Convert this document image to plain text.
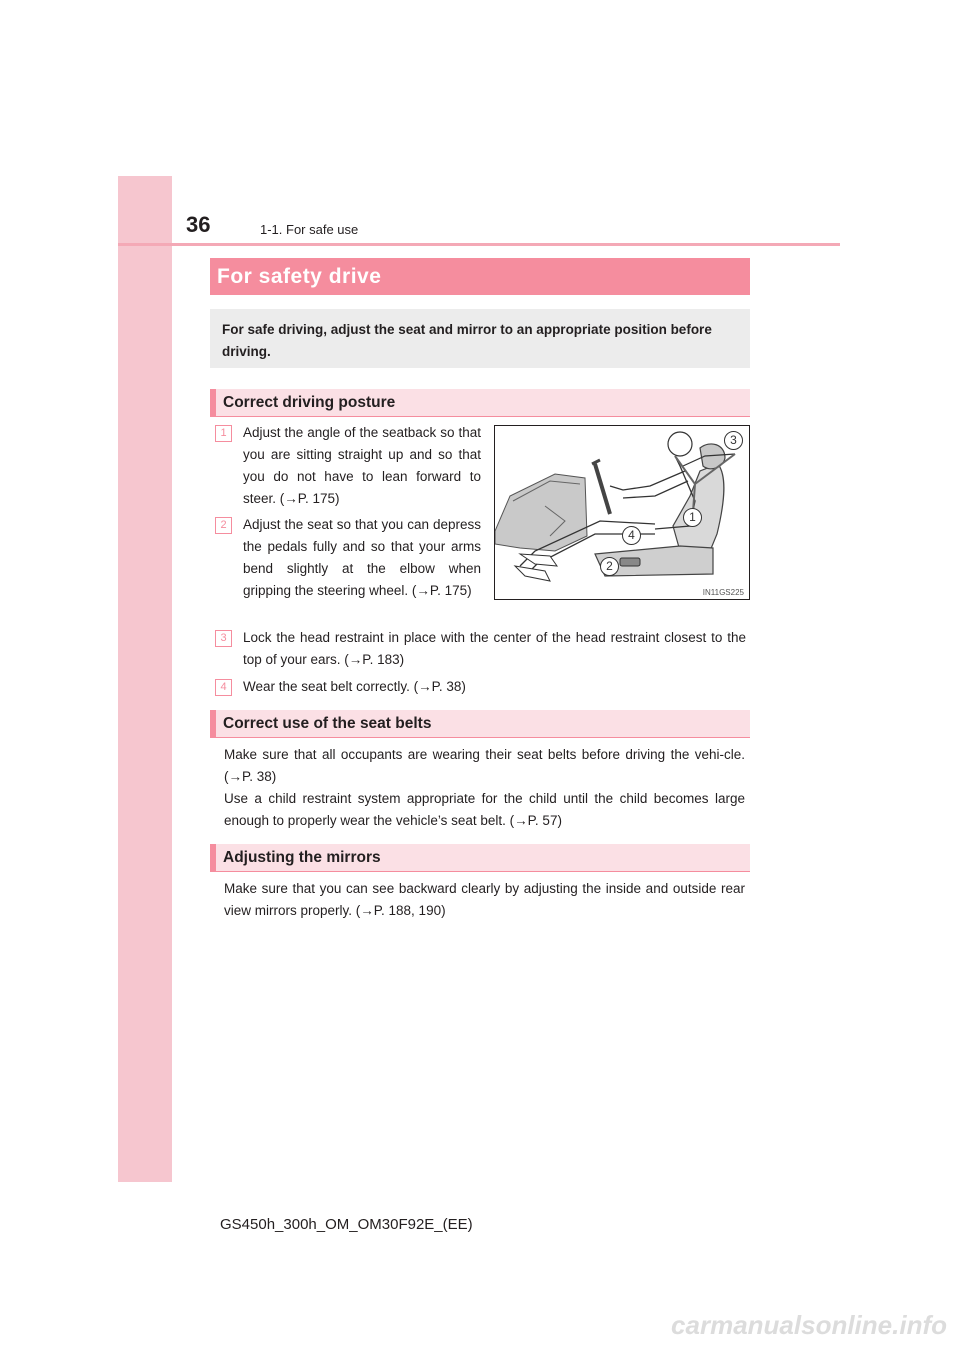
36	1-1. For safe use
For safety drive
For safe driving, adjust the seat and mirror to an appropriate position before driving.
Correct driving posture
1	Adjust the angle of the seatback so that you are sitting straight up and so that you do not have to lean forward to steer. (→P. 175)
2	Adjust the seat so that you can depress the pedals fully and so that your arms bend slightly at the elbow when gripping the steering wheel. (→P. 175)
3
1
4
2
IN11GS225
3	Lock the head restraint in place with the center of the head restraint closest to the top of your ears. (→P. 183)
4	Wear the seat belt correctly. (→P. 38)
Correct use of the seat belts
Make sure that all occupants are wearing their seat belts before driving the vehi-cle. (→P. 38)
Use a child restraint system appropriate for the child until the child becomes large enough to properly wear the vehicle’s seat belt. (→P. 57)
Adjusting the mirrors
Make sure that you can see backward clearly by adjusting the inside and outside rear view mirrors properly. (→P. 188, 190)
GS450h_300h_OM_OM30F92E_(EE)
carmanualsonline.info
